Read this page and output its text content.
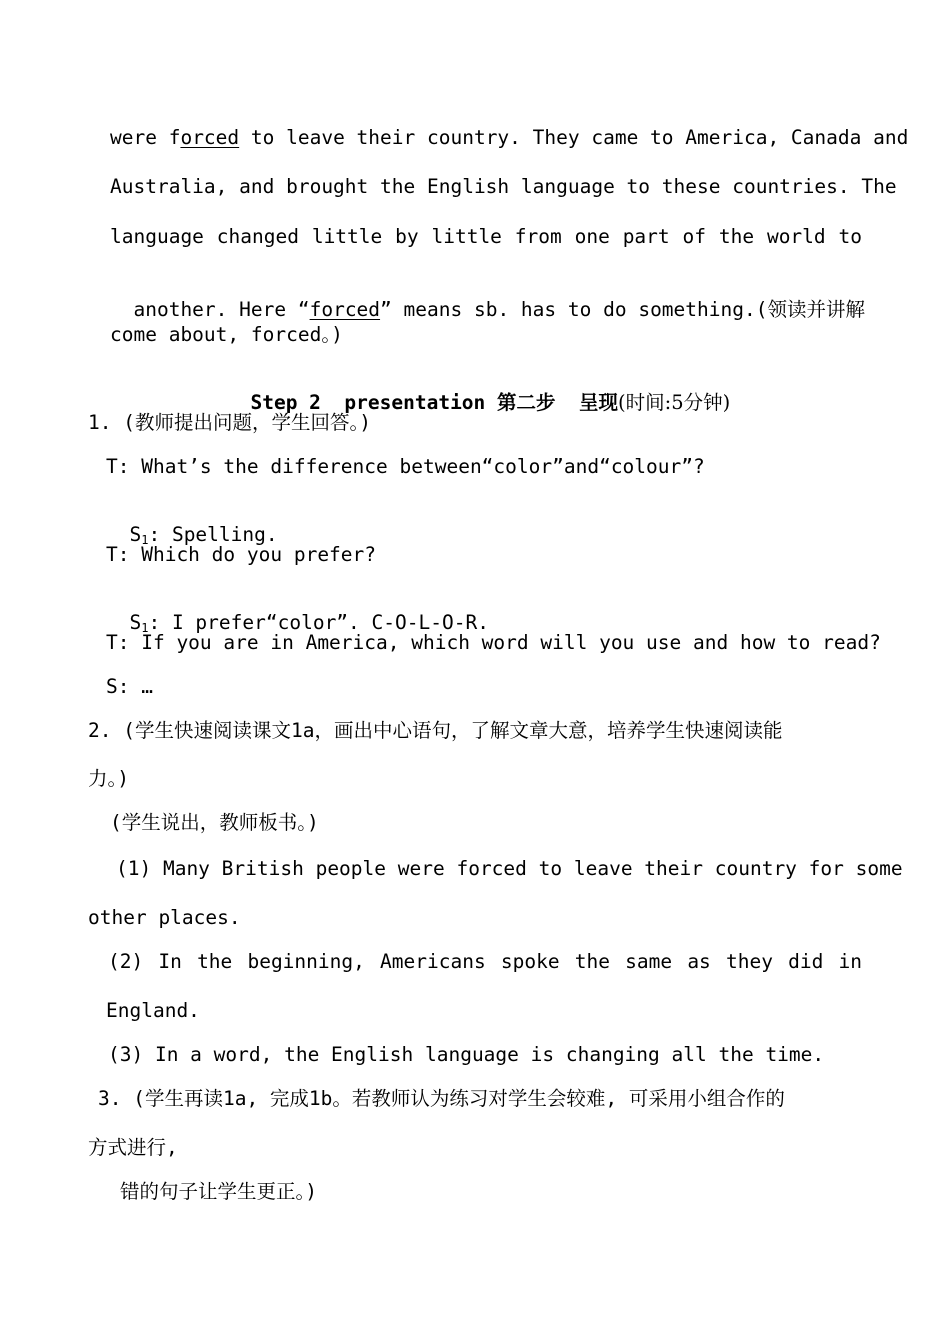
were forced to leave their country. They came to America, Canada and
Australia, and brought the English language to these countries. The
language changed little by little from one part of the world to

another. Here “forced” means sb. has to do something.(领读并讲解

come about, forced。)

Step 2  presentation 第二步  呈现(时间:5分钟)

1. (教师提出问题，学生回答。)
T: What’s the difference between“color”and“colour”?

$S_1$: Spelling.

T: Which do you prefer?

$S_1$: I prefer“color”. C-O-L-O-R.

T: If you are in America, which word will you use and how to read?
S: …
2. (学生快速阅读课文1a，画出中心语句，了解文章大意，培养学生快速阅读能
力。)
(学生说出，教师板书。)
(1) Many British people were forced to leave their country for some
other places.
(2) In the beginning, Americans spoke the same as they did in
England.
(3) In a word, the English language is changing all the time.
3. (学生再读1a, 完成1b。若教师认为练习对学生会较难, 可采用小组合作的
方式进行,
错的句子让学生更正。)
